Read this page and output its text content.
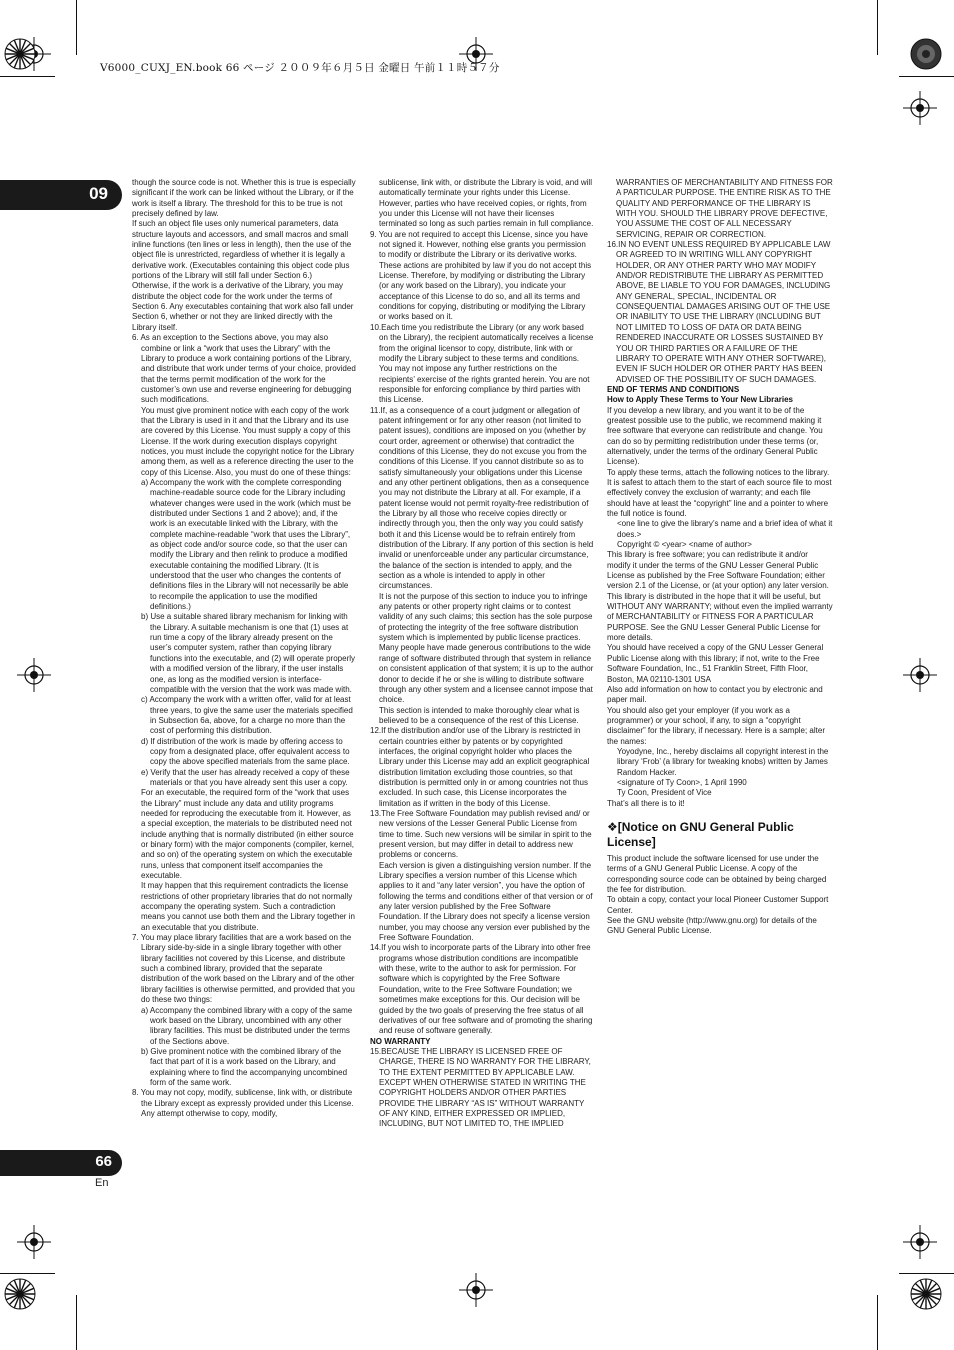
V6000_CUXJ_EN.book 66 ページ ２００９年６月５日 金曜日 午前１１時５７分
09
66
En

though the source code is not. Whether this is true is especially significant if the work can be linked without the Library, or if the work is itself a library. The threshold for this to be true is not precisely defined by law.

If such an object file uses only numerical parameters, data structure layouts and accessors, and small macros and small inline functions (ten lines or less in length), then the use of the object file is unrestricted, regardless of whether it is legally a derivative work. (Executables containing this object code plus portions of the Library will still fall under Section 6.)

Otherwise, if the work is a derivative of the Library, you may distribute the object code for the work under the terms of Section 6. Any executables containing that work also fall under Section 6, whether or not they are linked directly with the Library itself.

6. As an exception to the Sections above, you may also combine or link a “work that uses the Library” with the Library to produce a work containing portions of the Library, and distribute that work under terms of your choice, provided that the terms permit modification of the work for the customer’s own use and reverse engineering for debugging such modifications.

You must give prominent notice with each copy of the work that the Library is used in it and that the Library and its use are covered by this License. You must supply a copy of this License. If the work during execution displays copyright notices, you must include the copyright notice for the Library among them, as well as a reference directing the user to the copy of this License. Also, you must do one of these things:

a) Accompany the work with the complete corresponding machine-readable source code for the Library including whatever changes were used in the work (which must be distributed under Sections 1 and 2 above); and, if the work is an executable linked with the Library, with the complete machine-readable “work that uses the Library”, as object code and/or source code, so that the user can modify the Library and then relink to produce a modified executable containing the modified Library. (It is understood that the user who changes the contents of definitions files in the Library will not necessarily be able to recompile the application to use the modified definitions.)

b) Use a suitable shared library mechanism for linking with the Library. A suitable mechanism is one that (1) uses at run time a copy of the library already present on the user’s computer system, rather than copying library functions into the executable, and (2) will operate properly with a modified version of the library, if the user installs one, as long as the modified version is interface-compatible with the version that the work was made with.

c) Accompany the work with a written offer, valid for at least three years, to give the same user the materials specified in Subsection 6a, above, for a charge no more than the cost of performing this distribution.

d) If distribution of the work is made by offering access to copy from a designated place, offer equivalent access to copy the above specified materials from the same place.

e) Verify that the user has already received a copy of these materials or that you have already sent this user a copy.

For an executable, the required form of the “work that uses the Library” must include any data and utility programs needed for reproducing the executable from it. However, as a special exception, the materials to be distributed need not include anything that is normally distributed (in either source or binary form) with the major components (compiler, kernel, and so on) of the operating system on which the executable runs, unless that component itself accompanies the executable.

It may happen that this requirement contradicts the license restrictions of other proprietary libraries that do not normally accompany the operating system. Such a contradiction means you cannot use both them and the Library together in an executable that you distribute.

7. You may place library facilities that are a work based on the Library side-by-side in a single library together with other library facilities not covered by this License, and distribute such a combined library, provided that the separate distribution of the work based on the Library and of the other library facilities is otherwise permitted, and provided that you do these two things:

a) Accompany the combined library with a copy of the same work based on the Library, uncombined with any other library facilities. This must be distributed under the terms of the Sections above.

b) Give prominent notice with the combined library of the fact that part of it is a work based on the Library, and explaining where to find the accompanying uncombined form of the same work.

8. You may not copy, modify, sublicense, link with, or distribute the Library except as expressly provided under this License. Any attempt otherwise to copy, modify,

sublicense, link with, or distribute the Library is void, and will automatically terminate your rights under this License. However, parties who have received copies, or rights, from you under this License will not have their licenses terminated so long as such parties remain in full compliance.

9. You are not required to accept this License, since you have not signed it. However, nothing else grants you permission to modify or distribute the Library or its derivative works. These actions are prohibited by law if you do not accept this License. Therefore, by modifying or distributing the Library (or any work based on the Library), you indicate your acceptance of this License to do so, and all its terms and conditions for copying, distributing or modifying the Library or works based on it.

10.Each time you redistribute the Library (or any work based on the Library), the recipient automatically receives a license from the original licensor to copy, distribute, link with or modify the Library subject to these terms and conditions. You may not impose any further restrictions on the recipients’ exercise of the rights granted herein. You are not responsible for enforcing compliance by third parties with this License.

11.If, as a consequence of a court judgment or allegation of patent infringement or for any other reason (not limited to patent issues), conditions are imposed on you (whether by court order, agreement or otherwise) that contradict the conditions of this License, they do not excuse you from the conditions of this License. If you cannot distribute so as to satisfy simultaneously your obligations under this License and any other pertinent obligations, then as a consequence you may not distribute the Library at all. For example, if a patent license would not permit royalty-free redistribution of the Library by all those who receive copies directly or indirectly through you, then the only way you could satisfy both it and this License would be to refrain entirely from distribution of the Library. If any portion of this section is held invalid or unenforceable under any particular circumstance, the balance of the section is intended to apply, and the section as a whole is intended to apply in other circumstances.

It is not the purpose of this section to induce you to infringe any patents or other property right claims or to contest validity of any such claims; this section has the sole purpose of protecting the integrity of the free software distribution system which is implemented by public license practices. Many people have made generous contributions to the wide range of software distributed through that system in reliance on consistent application of that system; it is up to the author donor to decide if he or she is willing to distribute software through any other system and a licensee cannot impose that choice.

This section is intended to make thoroughly clear what is believed to be a consequence of the rest of this License.

12.If the distribution and/or use of the Library is restricted in certain countries either by patents or by copyrighted interfaces, the original copyright holder who places the Library under this License may add an explicit geographical distribution limitation excluding those countries, so that distribution is permitted only in or among countries not thus excluded. In such case, this License incorporates the limitation as if written in the body of this License.

13.The Free Software Foundation may publish revised and/ or new versions of the Lesser General Public License from time to time. Such new versions will be similar in spirit to the present version, but may differ in detail to address new problems or concerns.

Each version is given a distinguishing version number. If the Library specifies a version number of this License which applies to it and “any later version”, you have the option of following the terms and conditions either of that version or of any later version published by the Free Software Foundation. If the Library does not specify a license version number, you may choose any version ever published by the Free Software Foundation.

14.If you wish to incorporate parts of the Library into other free programs whose distribution conditions are incompatible with these, write to the author to ask for permission. For software which is copyrighted by the Free Software Foundation, write to the Free Software Foundation; we sometimes make exceptions for this. Our decision will be guided by the two goals of preserving the free status of all derivatives of our free software and of promoting the sharing and reuse of software generally.

NO WARRANTY

15.BECAUSE THE LIBRARY IS LICENSED FREE OF CHARGE, THERE IS NO WARRANTY FOR THE LIBRARY, TO THE EXTENT PERMITTED BY APPLICABLE LAW. EXCEPT WHEN OTHERWISE STATED IN WRITING THE COPYRIGHT HOLDERS AND/OR OTHER PARTIES PROVIDE THE LIBRARY “AS IS” WITHOUT WARRANTY OF ANY KIND, EITHER EXPRESSED OR IMPLIED, INCLUDING, BUT NOT LIMITED TO, THE IMPLIED

WARRANTIES OF MERCHANTABILITY AND FITNESS FOR A PARTICULAR PURPOSE. THE ENTIRE RISK AS TO THE QUALITY AND PERFORMANCE OF THE LIBRARY IS WITH YOU. SHOULD THE LIBRARY PROVE DEFECTIVE, YOU ASSUME THE COST OF ALL NECESSARY SERVICING, REPAIR OR CORRECTION.

16.IN NO EVENT UNLESS REQUIRED BY APPLICABLE LAW OR AGREED TO IN WRITING WILL ANY COPYRIGHT HOLDER, OR ANY OTHER PARTY WHO MAY MODIFY AND/OR REDISTRIBUTE THE LIBRARY AS PERMITTED ABOVE, BE LIABLE TO YOU FOR DAMAGES, INCLUDING ANY GENERAL, SPECIAL, INCIDENTAL OR CONSEQUENTIAL DAMAGES ARISING OUT OF THE USE OR INABILITY TO USE THE LIBRARY (INCLUDING BUT NOT LIMITED TO LOSS OF DATA OR DATA BEING RENDERED INACCURATE OR LOSSES SUSTAINED BY YOU OR THIRD PARTIES OR A FAILURE OF THE LIBRARY TO OPERATE WITH ANY OTHER SOFTWARE), EVEN IF SUCH HOLDER OR OTHER PARTY HAS BEEN ADVISED OF THE POSSIBILITY OF SUCH DAMAGES.

END OF TERMS AND CONDITIONS

How to Apply These Terms to Your New Libraries

If you develop a new library, and you want it to be of the greatest possible use to the public, we recommend making it free software that everyone can redistribute and change. You can do so by permitting redistribution under these terms (or, alternatively, under the terms of the ordinary General Public License).

To apply these terms, attach the following notices to the library. It is safest to attach them to the start of each source file to most effectively convey the exclusion of warranty; and each file should have at least the “copyright” line and a pointer to where the full notice is found.

<one line to give the library’s name and a brief idea of what it does.>

Copyright © <year> <name of author>

This library is free software; you can redistribute it and/or modify it under the terms of the GNU Lesser General Public License as published by the Free Software Foundation; either version 2.1 of the License, or (at your option) any later version.

This library is distributed in the hope that it will be useful, but WITHOUT ANY WARRANTY; without even the implied warranty of MERCHANTABILITY or FITNESS FOR A PARTICULAR PURPOSE. See the GNU Lesser General Public License for more details.

You should have received a copy of the GNU Lesser General Public License along with this library; if not, write to the Free Software Foundation, Inc., 51 Franklin Street, Fifth Floor, Boston, MA 02110-1301 USA

Also add information on how to contact you by electronic and paper mail.

You should also get your employer (if you work as a programmer) or your school, if any, to sign a “copyright disclaimer” for the library, if necessary. Here is a sample; alter the names:

Yoyodyne, Inc., hereby disclaims all copyright interest in the library ‘Frob’ (a library for tweaking knobs) written by James Random Hacker.

<signature of Ty Coon>, 1 April 1990

Ty Coon, President of Vice

That’s all there is to it!

❖[Notice on GNU General Public License]

This product include the software licensed for use under the terms of a GNU General Public License. A copy of the corresponding source code can be obtained by being charged the fee for distribution.

To obtain a copy, contact your local Pioneer Customer Support Center.

See the GNU website (http://www.gnu.org) for details of the GNU General Public License.
